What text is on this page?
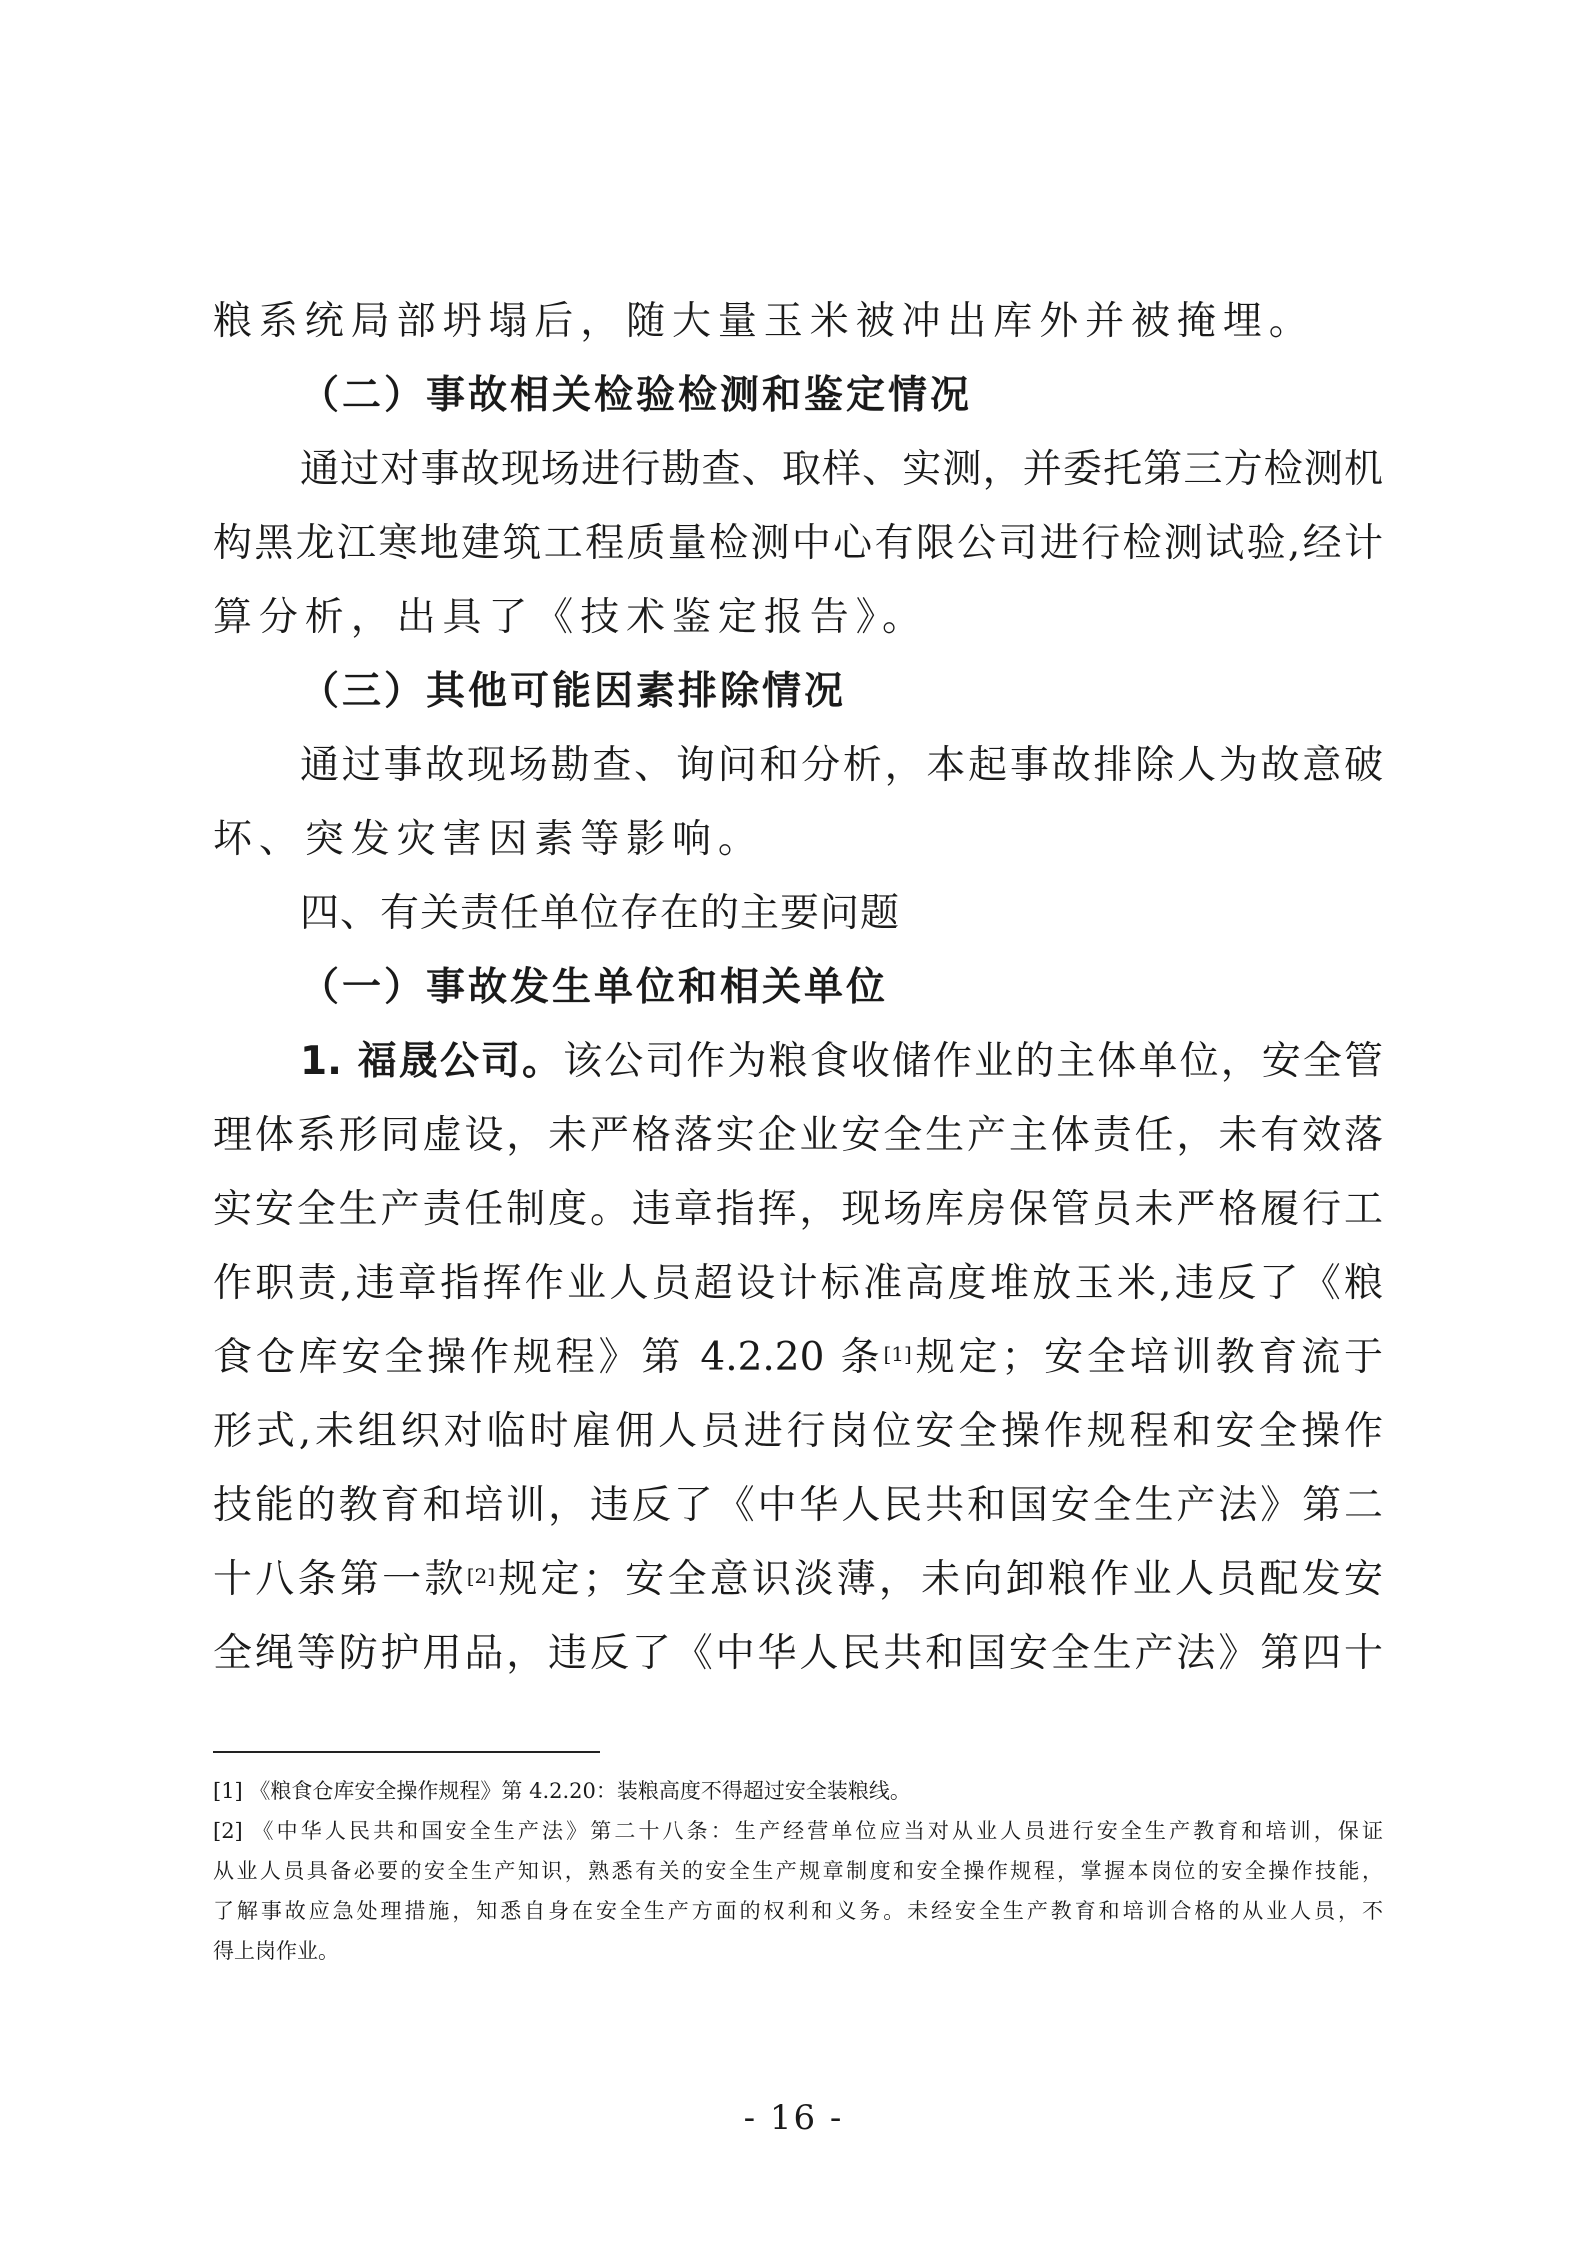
粮系统局部坍塌后，随大量玉米被冲出库外并被掩埋。
（二）事故相关检验检测和鉴定情况
通过对事故现场进行勘查、取样、实测，并委托第三方检测机
构黑龙江寒地建筑工程质量检测中心有限公司进行检测试验,经计
算分析，出具了《技术鉴定报告》。
（三）其他可能因素排除情况
通过事故现场勘查、询问和分析，本起事故排除人为故意破
坏、突发灾害因素等影响。
四、有关责任单位存在的主要问题
（一）事故发生单位和相关单位
1. 福晟公司。该公司作为粮食收储作业的主体单位，安全管
理体系形同虚设，未严格落实企业安全生产主体责任，未有效落
实安全生产责任制度。违章指挥，现场库房保管员未严格履行工
作职责,违章指挥作业人员超设计标准高度堆放玉米,违反了《粮
食仓库安全操作规程》第 4.2.20 条[1]规定；安全培训教育流于
形式,未组织对临时雇佣人员进行岗位安全操作规程和安全操作
技能的教育和培训，违反了《中华人民共和国安全生产法》第二
十八条第一款[2]规定；安全意识淡薄，未向卸粮作业人员配发安
全绳等防护用品，违反了《中华人民共和国安全生产法》第四十
[1] 《粮食仓库安全操作规程》第 4.2.20：装粮高度不得超过安全装粮线。
[2] 《中华人民共和国安全生产法》第二十八条：生产经营单位应当对从业人员进行安全生产教育和培训，保证
从业人员具备必要的安全生产知识，熟悉有关的安全生产规章制度和安全操作规程，掌握本岗位的安全操作技能，
了解事故应急处理措施，知悉自身在安全生产方面的权利和义务。未经安全生产教育和培训合格的从业人员，不
得上岗作业。
- 16 -
